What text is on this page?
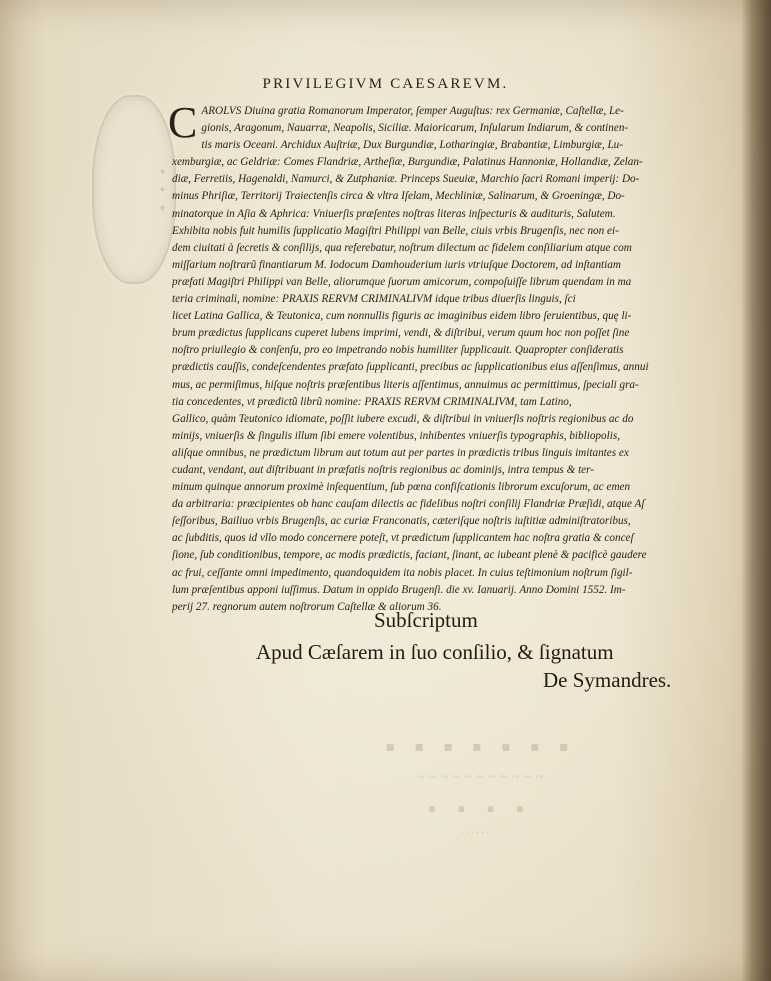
✦ ✦ ✦
PRIVILEGIVM CAESAREVM.
C AROLVS Diuina gratia Romanorum Imperator, ſemper Auguſtus: rex Germaniæ, Caſtellæ, Le-
gionis, Aragonum, Nauarræ, Neapolis, Siciliæ. Maioricarum, Inſularum Indiarum, & continen-
tis maris Oceani. Archidux Auſtriæ, Dux Burgundiæ, Lotharingiæ, Brabantiæ, Limburgiæ, Lu-
xemburgiæ, ac Geldriæ: Comes Flandriæ, Artheſiæ, Burgundiæ, Palatinus Hannoniæ, Hollandiæ, Zelan-
diæ, Ferretiis, Hagenaldi, Namurci, & Zutphaniæ. Princeps Sueuiæ, Marchio ſacri Romani imperij: Do-
minus Phriſiæ, Territorij Traiectenſis circa & vltra Iſelam, Mechliniæ, Salinarum, & Groeningæ, Do-
minatorque in Aſia & Aphrica: Vniuerſis præſentes noſtras literas inſpecturis & audituris, Salutem.
Exhibita nobis fuit humilis ſupplicatio Magiſtri Philippi van Belle, ciuis vrbis Brugenſis, nec non ei-
dem ciuitati à ſecretis & conſilijs, qua referebatur, noſtrum dilectum ac fidelem conſiliarium atque com
miſſarium noſtrarũ finantiarum M. Iodocum Damhouderium iuris vtriuſque Doctorem, ad inſtantiam
præfati Magiſtri Philippi van Belle, aliorumque ſuorum amicorum, compoſuiſſe librum quendam in ma
teria criminali, nomine: PRAXIS RERVM CRIMINALIVM idque tribus diuerſis linguis, ſci
licet Latina Gallica, & Teutonica, cum nonnullis figuris ac imaginibus eidem libro ſeruientibus, quę li-
brum prædictus ſupplicans cuperet lubens imprimi, vendi, & diſtribui, verum quum hoc non poſſet ſine
noſtro priuilegio & conſenſu, pro eo impetrando nobis humiliter ſupplicauit. Quapropter conſideratis
prædictis cauſſis, condeſcendentes præfato ſupplicanti, precibus ac ſupplicationibus eius aſſenſimus, annui
mus, ac permiſimus, hiſque noſtris præſentibus literis aſſentimus, annuimus ac permittimus, ſpeciali gra-
tia concedentes, vt prædictũ librũ nomine: PRAXIS RERVM CRIMINALIVM, tam Latino,
Gallico, quàm Teutonico idiomate, poſſit iubere excudi, & diſtribui in vniuerſis noſtris regionibus ac do
minijs, vniuerſis & ſingulis illum ſibi emere volentibus, inhibentes vniuerſis typographis, bibliopolis,
aliſque omnibus, ne prædictum librum aut totum aut per partes in prædictis tribus linguis imitantes ex
cudant, vendant, aut diſtribuant in præfatis noſtris regionibus ac dominijs, intra tempus & ter-
minum quinque annorum proximè inſequentium, ſub pœna confiſcationis librorum excuſorum, ac emen
da arbitraria: præcipientes ob hanc cauſam dilectis ac fidelibus noſtri conſilij Flandriæ Præſidi, atque Aſ
ſeſſoribus, Bailiuo vrbis Brugenſis, ac curiæ Franconatis, cæteriſque noſtris iuſtitiæ adminiſtratoribus,
ac ſubditis, quos id vllo modo concernere poteſt, vt prædictum ſupplicantem hac noſtra gratia & conceſ
ſione, ſub conditionibus, tempore, ac modis prædictis, faciant, ſinant, ac iubeant plenè & pacificè gaudere
ac frui, ceſſante omni impedimento, quandoquidem ita nobis placet. In cuius teſtimonium noſtrum ſigil-
lum præſentibus apponi iuſſimus. Datum in oppido Brugenſi. die xv. Ianuarij. Anno Domini 1552. Im-
perij 27. regnorum autem noſtrorum Caſtellæ & aliorum 36.
Subſcriptum
Apud Cæſarem in ſuo conſilio, & ſignatum
De Symandres.
▪ ▪ ▪ ▪ ▪ ▪ ▪
~ ~ ~ ~ ~ ~ ~ ~ ~ ~ ~
▪ ▪ ▪ ▪
· · · · · · · ·
